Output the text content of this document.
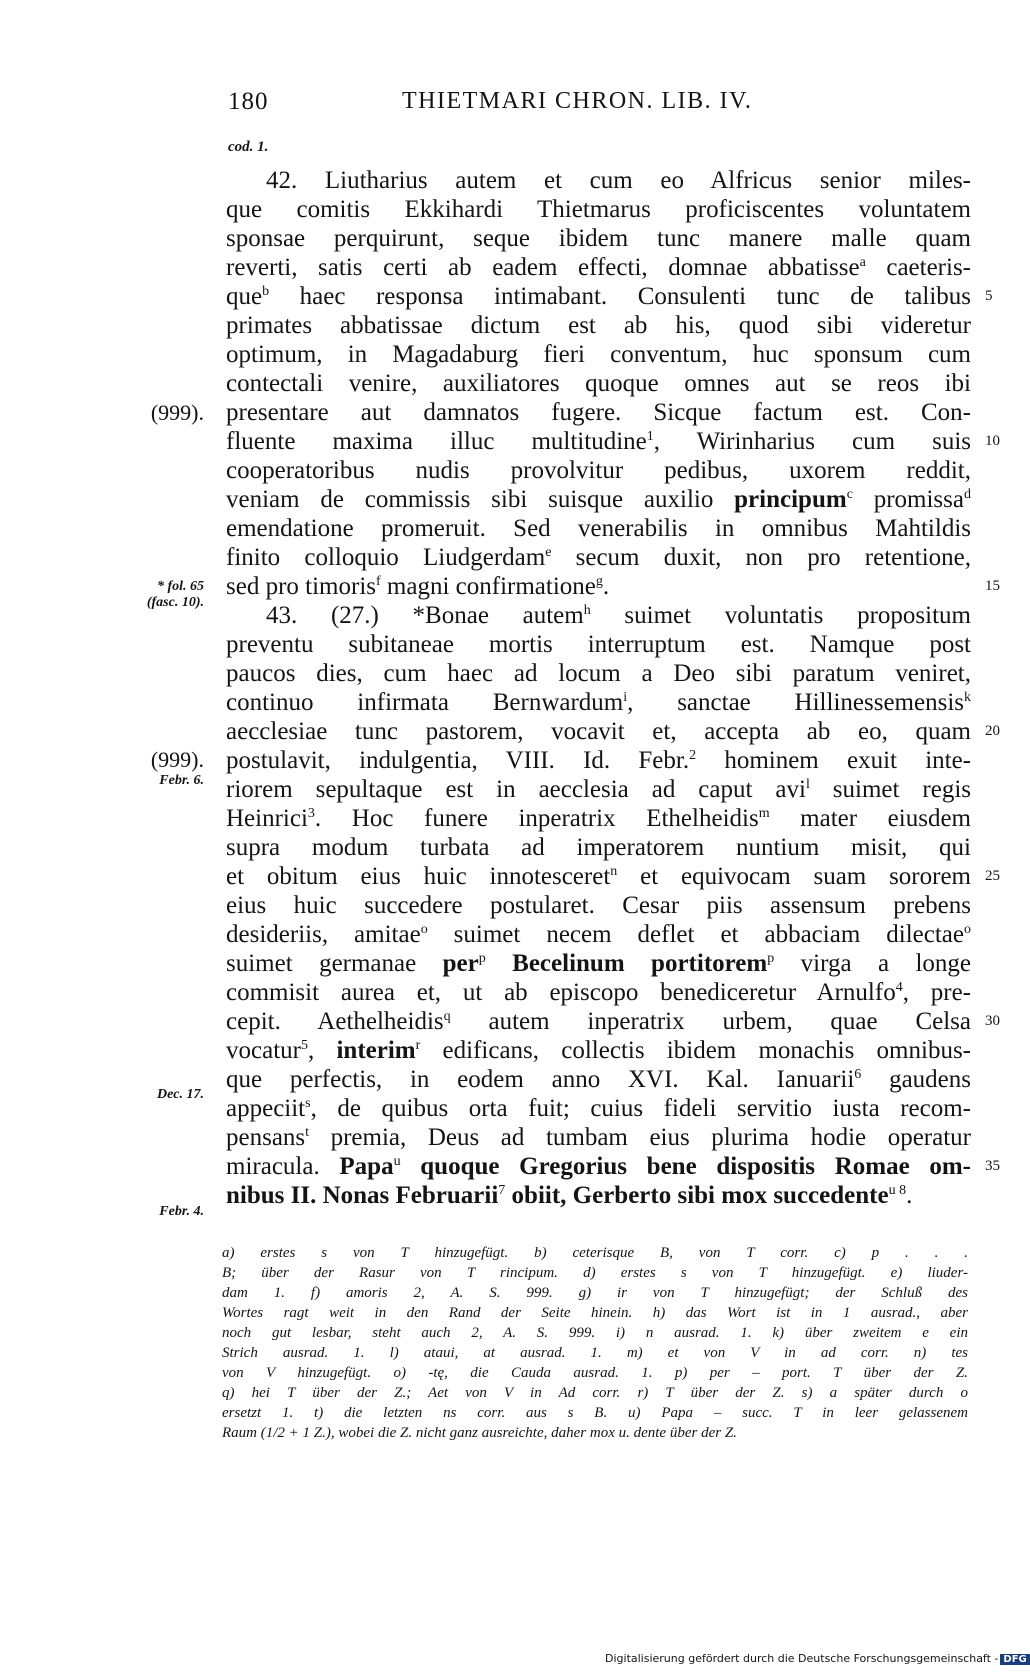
180	THIETMARI CHRON. LIB. IV.
cod. 1.
42. Liutharius autem et cum eo Alfricus senior miles-
que comitis Ekkihardi Thietmarus proficiscentes voluntatem
sponsae perquirunt, seque ibidem tunc manere malle quam
reverti, satis certi ab eadem effecti, domnae abbatisse$^a$ caeteris-
que$^b$ haec responsa intimabant. Consulenti tunc de talibus
primates abbatissae dictum est ab his, quod sibi videretur
optimum, in Magadaburg fieri conventum, huc sponsum cum
contectali venire, auxiliatores quoque omnes aut se reos ibi
presentare aut damnatos fugere. Sicque factum est. Con-
fluente maxima illuc multitudine$^1$, Wirinharius cum suis
cooperatoribus nudis provolvitur pedibus, uxorem reddit,
veniam de commissis sibi suisque auxilio principum$^c$ promissa$^d$
emendatione promeruit. Sed venerabilis in omnibus Mahtildis
finito colloquio Liudgerdam$^e$ secum duxit, non pro retentione,
sed pro timoris$^f$ magni confirmatione$^g$.
43. (27.) *Bonae autem$^h$ suimet voluntatis propositum
preventu subitaneae mortis interruptum est. Namque post
paucos dies, cum haec ad locum a Deo sibi paratum veniret,
continuo infirmata Bernwardum$^i$, sanctae Hillinessemensis$^k$
aecclesiae tunc pastorem, vocavit et, accepta ab eo, quam
postulavit, indulgentia, VIII. Id. Febr.$^2$ hominem exuit inte-
riorem sepultaque est in aecclesia ad caput avi$^l$ suimet regis
Heinrici$^3$. Hoc funere inperatrix Ethelheidis$^m$ mater eiusdem
supra modum turbata ad imperatorem nuntium misit, qui
et obitum eius huic innotesceret$^n$ et equivocam suam sororem
eius huic succedere postularet. Cesar piis assensum prebens
desideriis, amitae$^o$ suimet necem deflet et abbaciam dilectae$^o$
suimet germanae per$^p$ Becelinum portitorem$^p$ virga a longe
commisit aurea et, ut ab episcopo benediceretur Arnulfo$^4$, pre-
cepit. Aethelheidis$^q$ autem inperatrix urbem, quae Celsa
vocatur$^5$, interim$^r$ edificans, collectis ibidem monachis omnibus-
que perfectis, in eodem anno XVI. Kal. Ianuarii$^6$ gaudens
appeciit$^s$, de quibus orta fuit; cuius fideli servitio iusta recom-
pensans$^t$ premia, Deus ad tumbam eius plurima hodie operatur
miracula. Papa$^u$ quoque Gregorius bene dispositis Romae om-
nibus II. Nonas Februarii$^7$ obiit, Gerberto sibi mox succedente$^{u 8}$.
5
10
15
20
25
30
35
(999).
* fol. 65
(fasc. 10).
(999).
Febr. 6.
Dec. 17.
Febr. 4.
a) erstes s von T hinzugefügt. b) ceterisque B, von T corr. c) p . . .
B; über der Rasur von T rincipum. d) erstes s von T hinzugefügt. e) liuder-
dam 1. f) amoris 2, A. S. 999. g) ir von T hinzugefügt; der Schluß des
Wortes ragt weit in den Rand der Seite hinein. h) das Wort ist in 1 ausrad., aber
noch gut lesbar, steht auch 2, A. S. 999. i) n ausrad. 1. k) über zweitem e ein
Strich ausrad. 1. l) ataui, at ausrad. 1. m) et von V in ad corr. n) tes
von V hinzugefügt. o) -tę, die Cauda ausrad. 1. p) per – port. T über der Z.
q) hei T über der Z.; Aet von V in Ad corr. r) T über der Z. s) a später durch o
ersetzt 1. t) die letzten ns corr. aus s B. u) Papa – succ. T in leer gelassenem
Raum (1/2 + 1 Z.), wobei die Z. nicht ganz ausreichte, daher mox u. dente über der Z.
Digitalisierung gefördert durch die Deutsche Forschungsgemeinschaft - DFG
